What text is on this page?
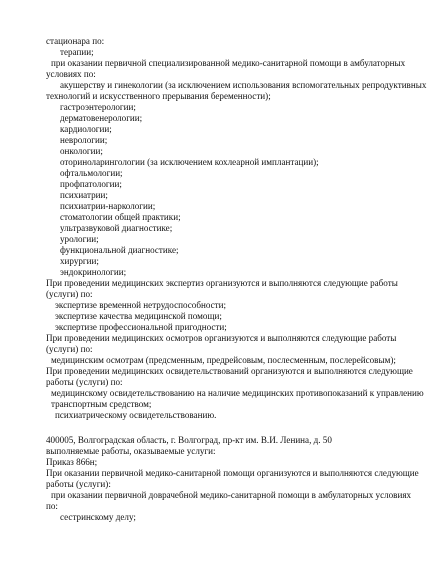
стационара по:
терапии;
при оказании первичной специализированной медико-санитарной помощи в амбулаторных
условиях по:
акушерству и гинекологии (за исключением использования вспомогательных репродуктивных
технологий и искусственного прерывания беременности);
гастроэнтерологии;
дерматовенерологии;
кардиологии;
неврологии;
онкологии;
оториноларингологии (за исключением кохлеарной имплантации);
офтальмологии;
профпатологии;
психиатрии;
психиатрии-наркологии;
стоматологии общей практики;
ультразвуковой диагностике;
урологии;
функциональной диагностике;
хирургии;
эндокринологии;
При проведении медицинских экспертиз организуются и выполняются следующие работы
(услуги) по:
экспертизе временной нетрудоспособности;
экспертизе качества медицинской помощи;
экспертизе профессиональной пригодности;
При проведении медицинских осмотров организуются и выполняются следующие работы
(услуги) по:
медицинским осмотрам (предсменным, предрейсовым, послесменным, послерейсовым);
При проведении медицинских освидетельствований организуются и выполняются следующие
работы (услуги) по:
медицинскому освидетельствованию на наличие медицинских противопоказаний к управлению
транспортным средством;
психиатрическому освидетельствованию.
400005, Волгоградская область, г. Волгоград, пр-кт им. В.И. Ленина, д. 50
выполняемые работы, оказываемые услуги:
Приказ 866н;
При оказании первичной медико-санитарной помощи организуются и выполняются следующие
работы (услуги):
при оказании первичной доврачебной медико-санитарной помощи в амбулаторных условиях
по:
сестринскому делу;
